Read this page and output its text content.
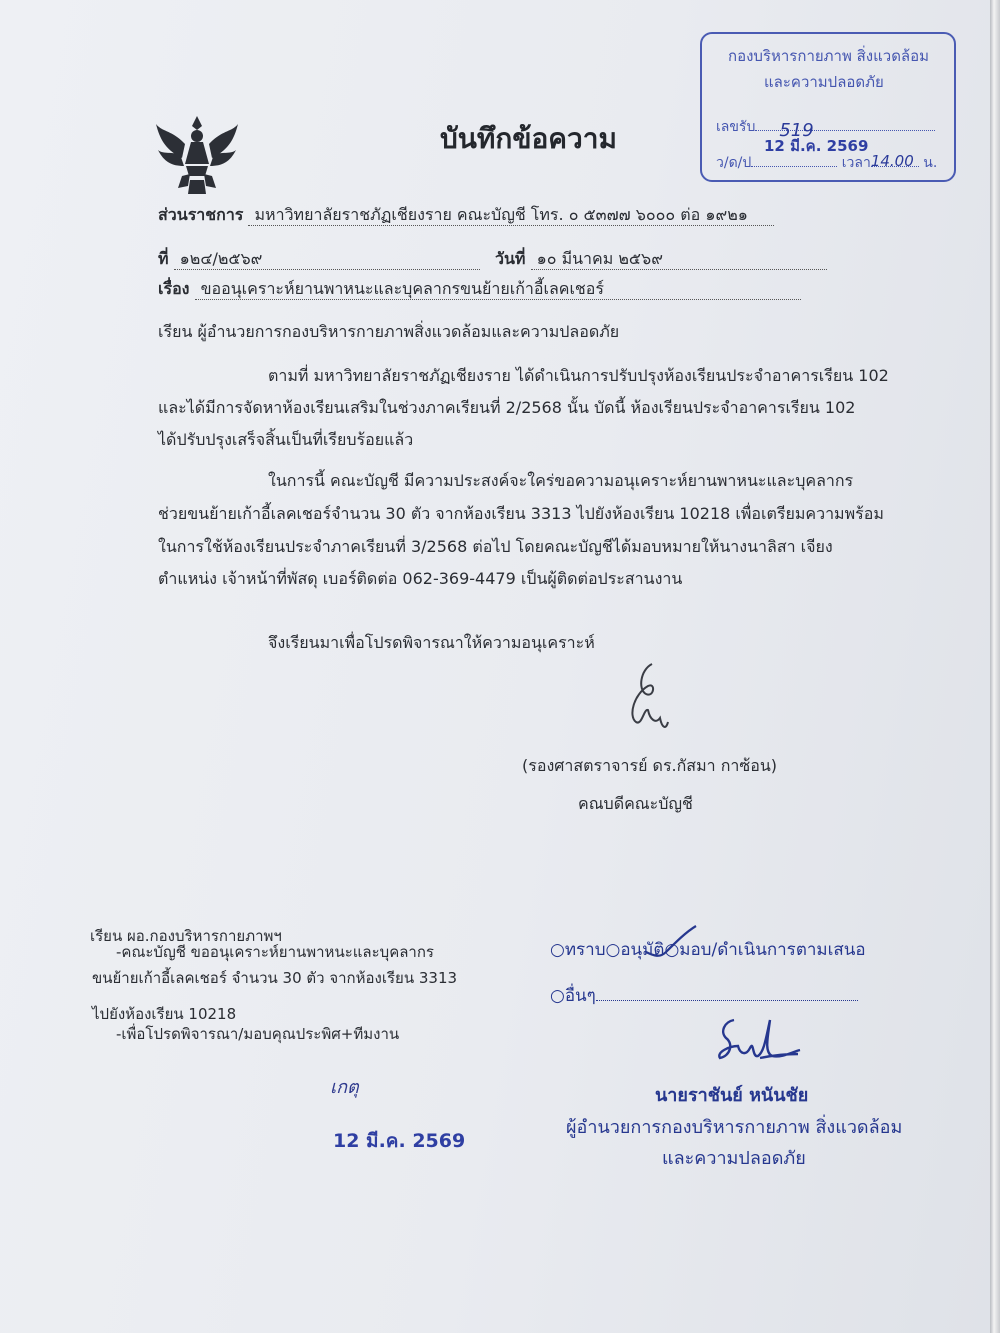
กองบริหารกายภาพ สิ่งแวดล้อม
และความปลอดภัย
เลขรับ 519
12 มี.ค. 2569
ว/ด/ป	เวลา 14.00 น.
บันทึกข้อความ
ส่วนราชการ มหาวิทยาลัยราชภัฏเชียงราย คณะบัญชี โทร. ๐ ๕๓๗๗ ๖๐๐๐ ต่อ ๑๙๒๑
ที่ ๑๒๔/๒๕๖๙	วันที่ ๑๐ มีนาคม ๒๕๖๙
เรื่อง ขออนุเคราะห์ยานพาหนะและบุคลากรขนย้ายเก้าอี้เลคเชอร์
เรียน ผู้อำนวยการกองบริหารกายภาพสิ่งแวดล้อมและความปลอดภัย
ตามที่ มหาวิทยาลัยราชภัฏเชียงราย ได้ดำเนินการปรับปรุงห้องเรียนประจำอาคารเรียน 102
และได้มีการจัดหาห้องเรียนเสริมในช่วงภาคเรียนที่ 2/2568 นั้น บัดนี้ ห้องเรียนประจำอาคารเรียน 102
ได้ปรับปรุงเสร็จสิ้นเป็นที่เรียบร้อยแล้ว
ในการนี้ คณะบัญชี มีความประสงค์จะใคร่ขอความอนุเคราะห์ยานพาหนะและบุคลากร
ช่วยขนย้ายเก้าอี้เลคเชอร์จำนวน 30 ตัว จากห้องเรียน 3313 ไปยังห้องเรียน 10218 เพื่อเตรียมความพร้อม
ในการใช้ห้องเรียนประจำภาคเรียนที่ 3/2568 ต่อไป โดยคณะบัญชีได้มอบหมายให้นางนาลิสา เจียง
ตำแหน่ง เจ้าหน้าที่พัสดุ เบอร์ติดต่อ 062-369-4479 เป็นผู้ติดต่อประสานงาน
จึงเรียนมาเพื่อโปรดพิจารณาให้ความอนุเคราะห์
(รองศาสตราจารย์ ดร.กัสมา กาซ้อน)
คณบดีคณะบัญชี
เรียน ผอ.กองบริหารกายภาพฯ
-คณะบัญชี ขออนุเคราะห์ยานพาหนะและบุคลากร
ขนย้ายเก้าอี้เลคเชอร์ จำนวน 30 ตัว จากห้องเรียน 3313
ไปยังห้องเรียน 10218
-เพื่อโปรดพิจารณา/มอบคุณประพิศ+ทีมงาน
เกตุ
12 มี.ค. 2569
○ทราบ○อนุมัติ○มอบ/ดำเนินการตามเสนอ
○อื่นๆ
นายราชันย์ หนันชัย
ผู้อำนวยการกองบริหารกายภาพ สิ่งแวดล้อม
และความปลอดภัย
